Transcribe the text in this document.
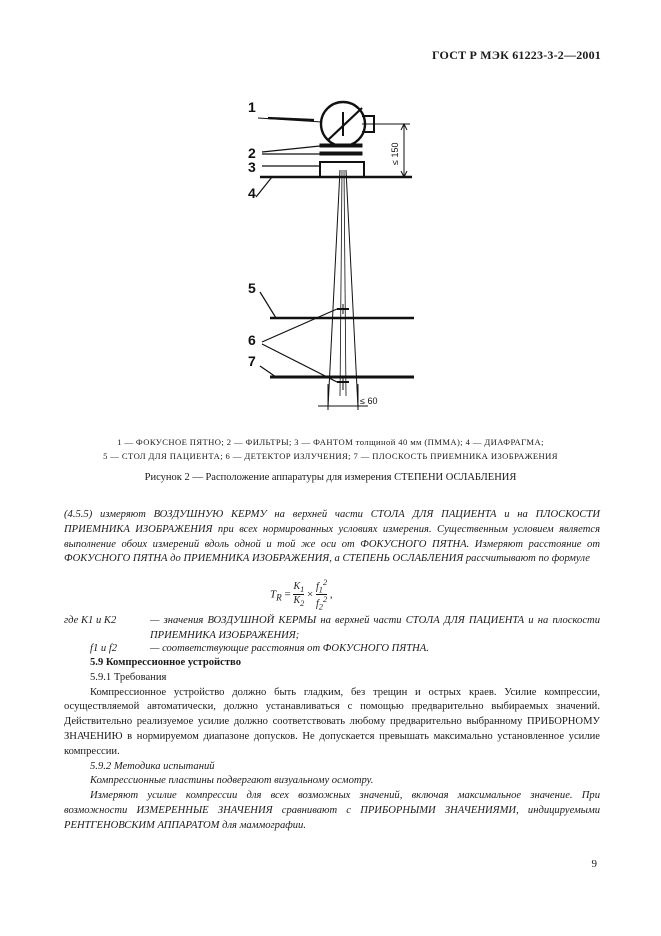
ГОСТ Р МЭК 61223-3-2—2001
1
2
3
4
5
6
7
≤ 150
≤ 60
1 — ФОКУСНОЕ ПЯТНО; 2 — ФИЛЬТРЫ; 3 — ФАНТОМ толщиной 40 мм (ПММА); 4 — ДИАФРАГМА;
5 — СТОЛ ДЛЯ ПАЦИЕНТА; 6 — ДЕТЕКТОР ИЗЛУЧЕНИЯ; 7 — ПЛОСКОСТЬ ПРИЕМНИКА ИЗОБРАЖЕНИЯ
Рисунок 2 — Расположение аппаратуры для измерения СТЕПЕНИ ОСЛАБЛЕНИЯ

(4.5.5) измеряют ВОЗДУШНУЮ КЕРМУ на верхней части СТОЛА ДЛЯ ПАЦИЕНТА и на ПЛОСКОСТИ ПРИЕМНИКА ИЗОБРАЖЕНИЯ при всех нормированных условиях измерения. Существенным условием является выполнение обоих измерений вдоль одной и той же оси от ФОКУСНОГО ПЯТНА. Измеряют расстояние от ФОКУСНОГО ПЯТНА до ПРИЕМНИКА ИЗОБРАЖЕНИЯ, а СТЕПЕНЬ ОСЛАБЛЕНИЯ рассчитывают по формуле

$T_R = \frac{K_1}{K_2} \times \frac{f_1^2}{f_2^2}$ ,
где K1 и K2	— значения ВОЗДУШНОЙ КЕРМЫ на верхней части СТОЛА ДЛЯ ПАЦИЕНТА и на плоскости ПРИЕМНИКА ИЗОБРАЖЕНИЯ;
f1 и f2	— соответствующие расстояния от ФОКУСНОГО ПЯТНА.

5.9 Компрессионное устройство

5.9.1 Требования

Компрессионное устройство должно быть гладким, без трещин и острых краев. Усилие компрессии, осуществляемой автоматически, должно устанавливаться с помощью предварительно выбираемых значений. Действительно реализуемое усилие должно соответствовать любому предварительно выбранному ПРИБОРНОМУ ЗНАЧЕНИЮ в нормируемом диапазоне допусков. Не допускается превышать максимально установленное усилие компрессии.

5.9.2 Методика испытаний

Компрессионные пластины подвергают визуальному осмотру.

Измеряют усилие компрессии для всех возможных значений, включая максимальное значение. При возможности ИЗМЕРЕННЫЕ ЗНАЧЕНИЯ сравнивают с ПРИБОРНЫМИ ЗНАЧЕНИЯМИ, индицируемыми РЕНТГЕНОВСКИМ АППАРАТОМ для маммографии.

9
